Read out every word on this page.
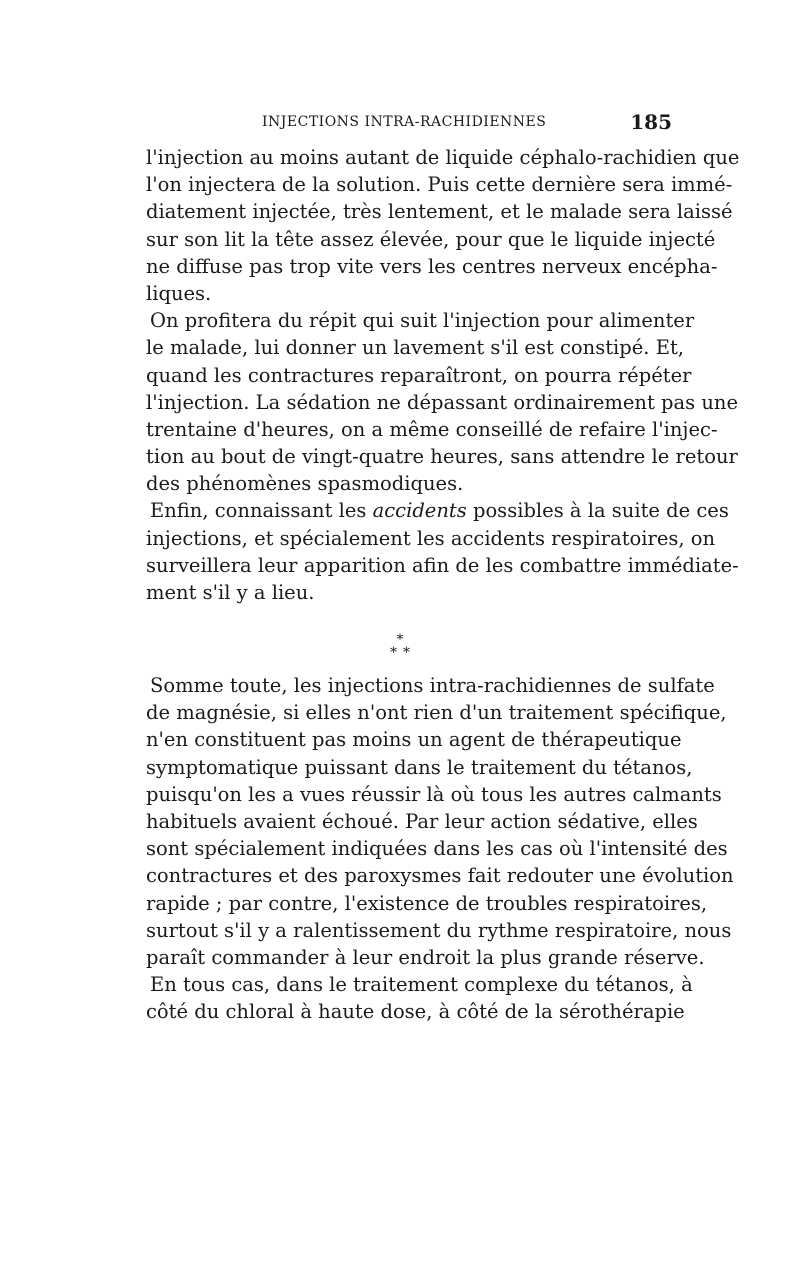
INJECTIONS INTRA-RACHIDIENNES	185
l'injection au moins autant de liquide céphalo-rachidien que
l'on injectera de la solution. Puis cette dernière sera immé-
diatement injectée, très lentement, et le malade sera laissé
sur son lit la tête assez élevée, pour que le liquide injecté
ne diffuse pas trop vite vers les centres nerveux encépha-
liques.
On profitera du répit qui suit l'injection pour alimenter
le malade, lui donner un lavement s'il est constipé. Et,
quand les contractures reparaîtront, on pourra répéter
l'injection. La sédation ne dépassant ordinairement pas une
trentaine d'heures, on a même conseillé de refaire l'injec-
tion au bout de vingt-quatre heures, sans attendre le retour
des phénomènes spasmodiques.
Enfin, connaissant les accidents possibles à la suite de ces
injections, et spécialement les accidents respiratoires, on
surveillera leur apparition afin de les combattre immédiate-
ment s'il y a lieu.
*
* *
Somme toute, les injections intra-rachidiennes de sulfate
de magnésie, si elles n'ont rien d'un traitement spécifique,
n'en constituent pas moins un agent de thérapeutique
symptomatique puissant dans le traitement du tétanos,
puisqu'on les a vues réussir là où tous les autres calmants
habituels avaient échoué. Par leur action sédative, elles
sont spécialement indiquées dans les cas où l'intensité des
contractures et des paroxysmes fait redouter une évolution
rapide ; par contre, l'existence de troubles respiratoires,
surtout s'il y a ralentissement du rythme respiratoire, nous
paraît commander à leur endroit la plus grande réserve.
En tous cas, dans le traitement complexe du tétanos, à
côté du chloral à haute dose, à côté de la sérothérapie
